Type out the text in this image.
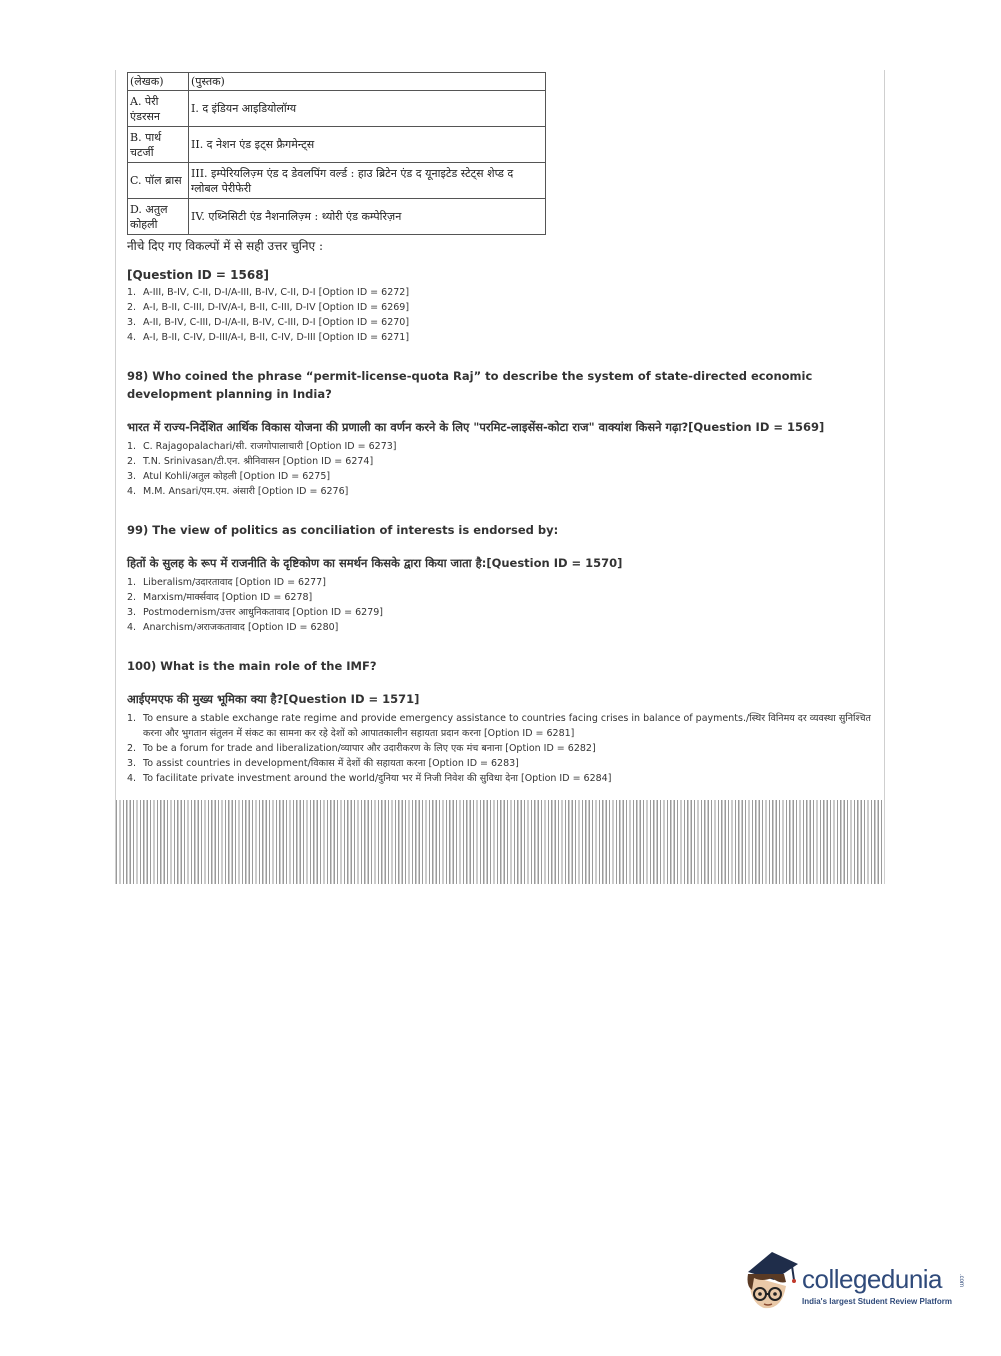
(लेखक)	(पुस्तक)
A. पेरी एंडरसन	I. द इंडियन आइडियोलॉग्य
B. पार्थ चटर्जी	II. द नेशन एंड इट्स फ्रैगमेन्ट्स
C. पॉल ब्रास	III. इम्पेरियलिज़्म एंड द डेवलपिंग वर्ल्ड : हाउ ब्रिटेन एंड द यूनाइटेड स्टेट्स शेप्ड द ग्लोबल पेरीफेरी
D. अतुल कोहली	IV. एथ्निसिटी एंड नैशनालिज़्म : थ्योरी एंड कम्पेरिज़न
नीचे दिए गए विकल्पों में से सही उत्तर चुनिए :
[Question ID = 1568]
1. A-III, B-IV, C-II, D-I/A-III, B-IV, C-II, D-I [Option ID = 6272]
2. A-I, B-II, C-III, D-IV/A-I, B-II, C-III, D-IV [Option ID = 6269]
3. A-II, B-IV, C-III, D-I/A-II, B-IV, C-III, D-I [Option ID = 6270]
4. A-I, B-II, C-IV, D-III/A-I, B-II, C-IV, D-III [Option ID = 6271]
98) Who coined the phrase “permit-license-quota Raj” to describe the system of state-directed economic development planning in India?
भारत में राज्य-निर्देशित आर्थिक विकास योजना की प्रणाली का वर्णन करने के लिए "परमिट-लाइसेंस-कोटा राज" वाक्यांश किसने गढ़ा?[Question ID = 1569]
1. C. Rajagopalachari/सी. राजगोपालाचारी [Option ID = 6273]
2. T.N. Srinivasan/टी.एन. श्रीनिवासन [Option ID = 6274]
3. Atul Kohli/अतुल कोहली [Option ID = 6275]
4. M.M. Ansari/एम.एम. अंसारी [Option ID = 6276]
99) The view of politics as conciliation of interests is endorsed by:
हितों के सुलह के रूप में राजनीति के दृष्टिकोण का समर्थन किसके द्वारा किया जाता है:[Question ID = 1570]
1. Liberalism/उदारतावाद [Option ID = 6277]
2. Marxism/मार्क्सवाद [Option ID = 6278]
3. Postmodernism/उत्तर आधुनिकतावाद [Option ID = 6279]
4. Anarchism/अराजकतावाद [Option ID = 6280]
100) What is the main role of the IMF?
आईएमएफ की मुख्य भूमिका क्या है?[Question ID = 1571]
1. To ensure a stable exchange rate regime and provide emergency assistance to countries facing crises in balance of payments./स्थिर विनिमय दर व्यवस्था सुनिश्चित करना और भुगतान संतुलन में संकट का सामना कर रहे देशों को आपातकालीन सहायता प्रदान करना [Option ID = 6281]
2. To be a forum for trade and liberalization/व्यापार और उदारीकरण के लिए एक मंच बनाना [Option ID = 6282]
3. To assist countries in development/विकास में देशों की सहायता करना [Option ID = 6283]
4. To facilitate private investment around the world/दुनिया भर में निजी निवेश की सुविधा देना [Option ID = 6284]
collegedunia	.com
India's largest Student Review Platform
